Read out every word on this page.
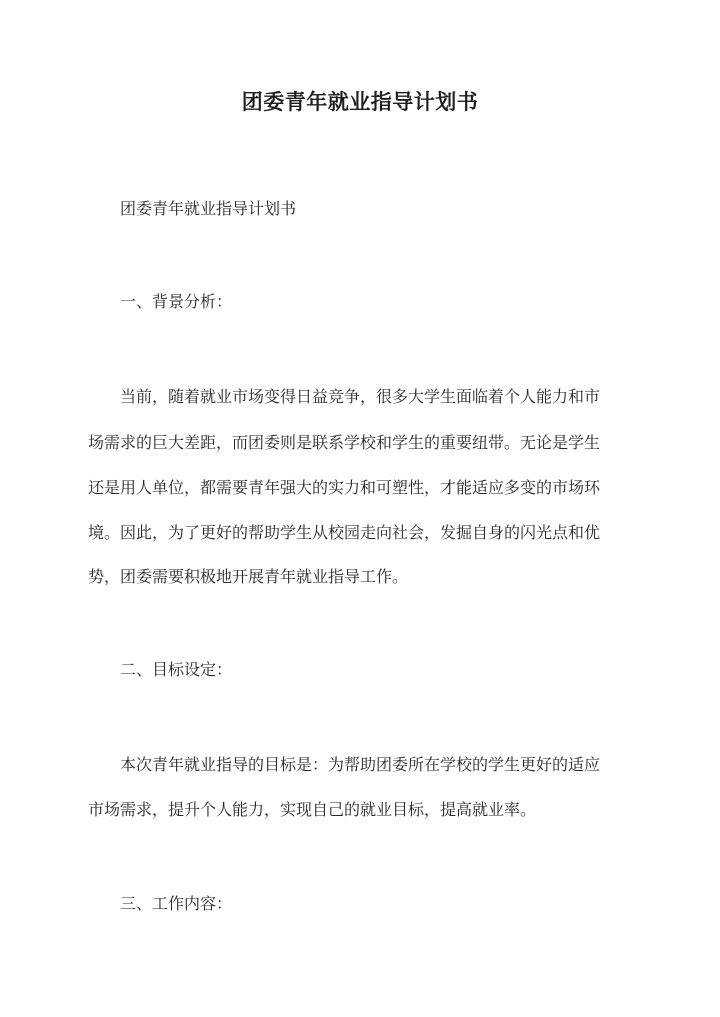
团委青年就业指导计划书
团委青年就业指导计划书
一、背景分析：
当前，随着就业市场变得日益竞争，很多大学生面临着个人能力和市
场需求的巨大差距，而团委则是联系学校和学生的重要纽带。无论是学生
还是用人单位，都需要青年强大的实力和可塑性，才能适应多变的市场环
境。因此，为了更好的帮助学生从校园走向社会，发掘自身的闪光点和优
势，团委需要积极地开展青年就业指导工作。
二、目标设定：
本次青年就业指导的目标是：为帮助团委所在学校的学生更好的适应
市场需求，提升个人能力，实现自己的就业目标，提高就业率。
三、工作内容：
